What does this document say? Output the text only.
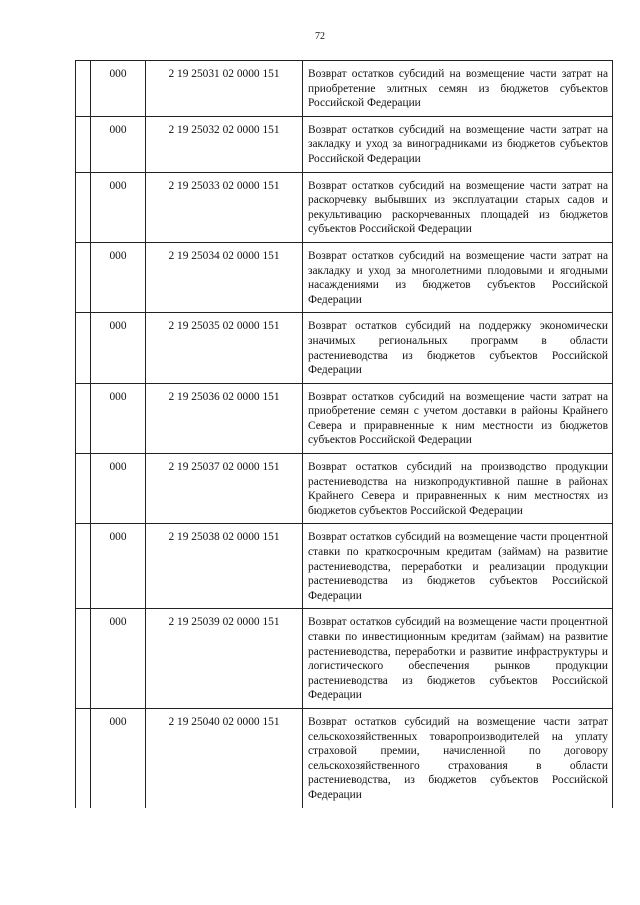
72
	000	2 19 25031 02 0000 151	Возврат остатков субсидий на возмещение части затрат на приобретение элитных семян из бюджетов субъектов Российской Федерации
	000	2 19 25032 02 0000 151	Возврат остатков субсидий на возмещение части затрат на закладку и уход за виноградниками из бюджетов субъектов Российской Федерации
	000	2 19 25033 02 0000 151	Возврат остатков субсидий на возмещение части затрат на раскорчевку выбывших из эксплуатации старых садов и рекультивацию раскорчеванных площадей из бюджетов субъектов Российской Федерации
	000	2 19 25034 02 0000 151	Возврат остатков субсидий на возмещение части затрат на закладку и уход за многолетними плодовыми и ягодными насаждениями из бюджетов субъектов Российской Федерации
	000	2 19 25035 02 0000 151	Возврат остатков субсидий на поддержку экономически значимых региональных программ в области растениеводства из бюджетов субъектов Российской Федерации
	000	2 19 25036 02 0000 151	Возврат остатков субсидий на возмещение части затрат на приобретение семян с учетом доставки в районы Крайнего Севера и приравненные к ним местности из бюджетов субъектов Российской Федерации
	000	2 19 25037 02 0000 151	Возврат остатков субсидий на производство продукции растениеводства на низкопродуктивной пашне в районах Крайнего Севера и приравненных к ним местностях из бюджетов субъектов Российской Федерации
	000	2 19 25038 02 0000 151	Возврат остатков субсидий на возмещение части процентной ставки по краткосрочным кредитам (займам) на развитие растениеводства, переработки и реализации продукции растениеводства из бюджетов субъектов Российской Федерации
	000	2 19 25039 02 0000 151	Возврат остатков субсидий на возмещение части процентной ставки по инвестиционным кредитам (займам) на развитие растениеводства, переработки и развитие инфраструктуры и логистического обеспечения рынков продукции растениеводства из бюджетов субъектов Российской Федерации
	000	2 19 25040 02 0000 151	Возврат остатков субсидий на возмещение части затрат сельскохозяйственных товаропроизводителей на уплату страховой премии, начисленной по договору сельскохозяйственного страхования в области растениеводства, из бюджетов субъектов Российской Федерации
